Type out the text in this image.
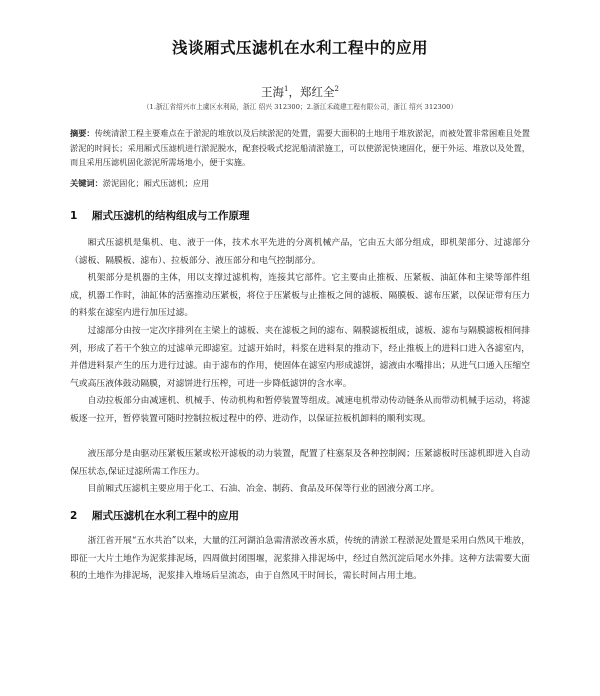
浅谈厢式压滤机在水利工程中的应用
王海$^1$，郑红全$^2$
（1.浙江省绍兴市上虞区水利局，浙江 绍兴 312300；2.浙江禾疏建工程有限公司，浙江 绍兴 312300）
摘要：传统清淤工程主要难点在于淤泥的堆放以及后续淤泥的处置，需要大面积的土地用于堆放淤泥，而被处置非常困难且处置淤泥的时间长；采用厢式压滤机进行淤泥脱水，配套投吸式挖泥船清淤施工，可以使淤泥快速固化，便于外运、堆放以及处置，而且采用压滤机固化淤泥所需场地小，便于实施。
关键词：淤泥固化；厢式压滤机；应用
1 厢式压滤机的结构组成与工作原理

厢式压滤机是集机、电、液于一体，技术水平先进的分离机械产品，它由五大部分组成，即机架部分、过滤部分（滤板、隔膜板、滤布）、拉板部分、液压部分和电气控制部分。

机架部分是机器的主体，用以支撑过滤机构，连接其它部件。它主要由止推板、压紧板、油缸体和主梁等部件组成，机器工作时，油缸体的活塞推动压紧板，将位于压紧板与止推板之间的滤板、隔膜板、滤布压紧，以保证带有压力的料浆在滤室内进行加压过滤。

过滤部分由按一定次序排列在主梁上的滤板、夹在滤板之间的滤布、隔膜滤板组成，滤板、滤布与隔膜滤板相间排列，形成了若干个独立的过滤单元即滤室。过滤开始时，料浆在进料泵的推动下，经止推板上的进料口进入各滤室内，并借进料泵产生的压力进行过滤。由于滤布的作用，使固体在滤室内形成滤饼，滤液由水嘴排出；从进气口通入压缩空气或高压液体鼓动隔膜，对滤饼进行压榨，可进一步降低滤饼的含水率。

自动拉板部分由减速机、机械手、传动机构和暂停装置等组成。减速电机带动传动链条从而带动机械手运动，将滤板逐一拉开，暂停装置可随时控制拉板过程中的停、进动作，以保证拉板机卸料的顺利实现。

液压部分是由驱动压紧板压紧或松开滤板的动力装置，配置了柱塞泵及各种控制阀；压紧滤板时压滤机即进入自动保压状态,保证过滤所需工作压力。

目前厢式压滤机主要应用于化工、石油、冶金、制药、食品及环保等行业的固液分离工序。

2 厢式压滤机在水利工程中的应用

浙江省开展“五水共治”以来，大量的江河湖泊急需清淤改善水质，传统的清淤工程淤泥处置是采用白然风干堆放，即征一大片土地作为泥浆排泥场，四周做封闭围堰，泥浆排入排泥场中，经过自然沉淀后尾水外排。这种方法需要大面积的土地作为排泥场，泥浆排入堆场后呈流态，由于自然风干时间长，需长时间占用土地。
